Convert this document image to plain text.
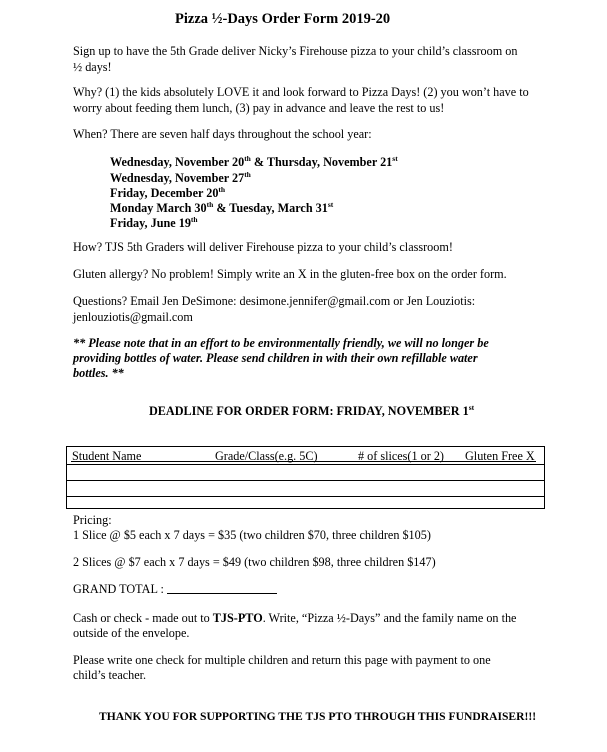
Pizza ½-Days Order Form 2019-20
Sign up to have the 5th Grade deliver Nicky’s Firehouse pizza to your child’s classroom on
½ days!
Why? (1) the kids absolutely LOVE it and look forward to Pizza Days! (2) you won’t have to
worry about feeding them lunch, (3) pay in advance and leave the rest to us!
When? There are seven half days throughout the school year:
Wednesday, November 20th & Thursday, November 21st
Wednesday, November 27th
Friday, December 20th
Monday March 30th & Tuesday, March 31st
Friday, June 19th
How? TJS 5th Graders will deliver Firehouse pizza to your child’s classroom!
Gluten allergy? No problem! Simply write an X in the gluten-free box on the order form.
Questions? Email Jen DeSimone: desimone.jennifer@gmail.com or Jen Louziotis:
jenlouziotis@gmail.com
** Please note that in an effort to be environmentally friendly, we will no longer be
providing bottles of water. Please send children in with their own refillable water
bottles. **
DEADLINE FOR ORDER FORM: FRIDAY, NOVEMBER 1st
Student Name	Grade/Class(e.g. 5C)	# of slices(1 or 2) Gluten Free X
Pricing:
1 Slice @ $5 each x 7 days = $35 (two children $70, three children $105)
2 Slices @ $7 each x 7 days = $49 (two children $98, three children $147)
GRAND TOTAL :
Cash or check - made out to TJS-PTO. Write, “Pizza ½-Days” and the family name on the
outside of the envelope.
Please write one check for multiple children and return this page with payment to one
child’s teacher.
THANK YOU FOR SUPPORTING THE TJS PTO THROUGH THIS FUNDRAISER!!!
